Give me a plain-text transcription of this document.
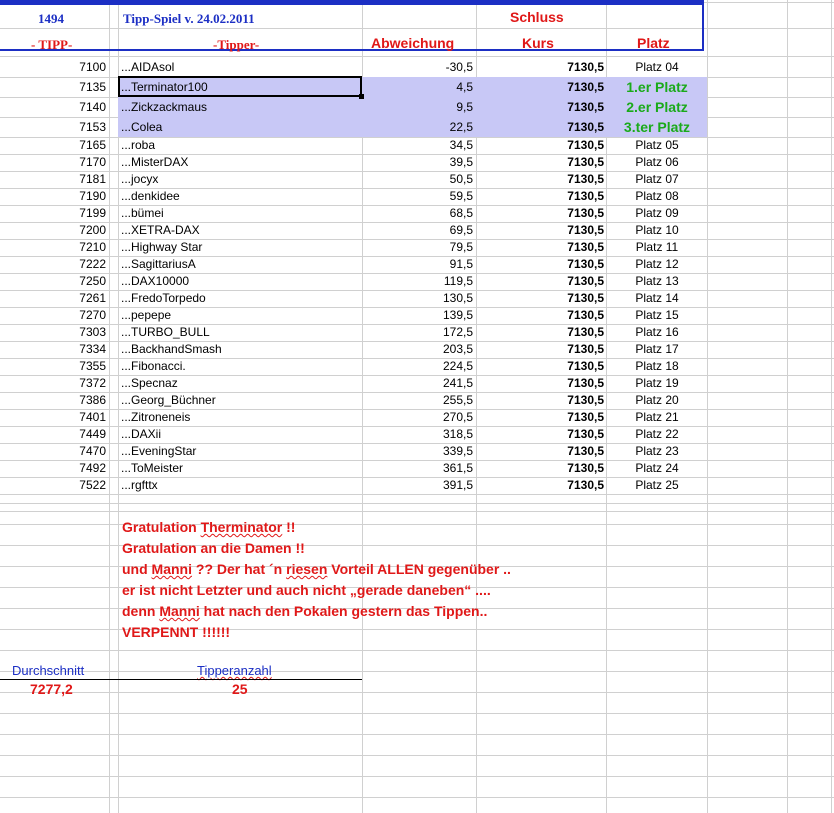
1494	Tipp-Spiel v. 24.02.2011	Schluss
- TIPP-	-Tipper-	Abweichung	Kurs	Platz
7100 ...AIDAsol	-30,5	7130,5	Platz 04
7135 ...Terminator100	4,5	7130,5	1.er Platz
7140 ...Zickzackmaus	9,5	7130,5	2.er Platz
7153 ...Colea	22,5	7130,5	3.ter Platz
7165 ...roba	34,5	7130,5	Platz 05
7170 ...MisterDAX	39,5	7130,5	Platz 06
7181 ...jocyx	50,5	7130,5	Platz 07
7190 ...denkidee	59,5	7130,5	Platz 08
7199 ...bümei	68,5	7130,5	Platz 09
7200 ...XETRA-DAX	69,5	7130,5	Platz 10
7210 ...Highway Star	79,5	7130,5	Platz 11
7222 ...SagittariusA	91,5	7130,5	Platz 12
7250 ...DAX10000	119,5	7130,5	Platz 13
7261 ...FredoTorpedo	130,5	7130,5	Platz 14
7270 ...pepepe	139,5	7130,5	Platz 15
7303 ...TURBO_BULL	172,5	7130,5	Platz 16
7334 ...BackhandSmash	203,5	7130,5	Platz 17
7355 ...Fibonacci.	224,5	7130,5	Platz 18
7372 ...Specnaz	241,5	7130,5	Platz 19
7386 ...Georg_Büchner	255,5	7130,5	Platz 20
7401 ...Zitroneneis	270,5	7130,5	Platz 21
7449 ...DAXii	318,5	7130,5	Platz 22
7470 ...EveningStar	339,5	7130,5	Platz 23
7492 ...ToMeister	361,5	7130,5	Platz 24
7522 ...rgfttx	391,5	7130,5	Platz 25
Gratulation Therminator !!
Gratulation an die Damen !!
und Manni ?? Der hat ´n riesen Vorteil ALLEN gegenüber ..
er ist nicht Letzter und auch nicht „gerade daneben“ ....
denn Manni hat nach den Pokalen gestern das Tippen..
VERPENNT !!!!!!
Durchschnitt	Tipperanzahl
7277,2	25
